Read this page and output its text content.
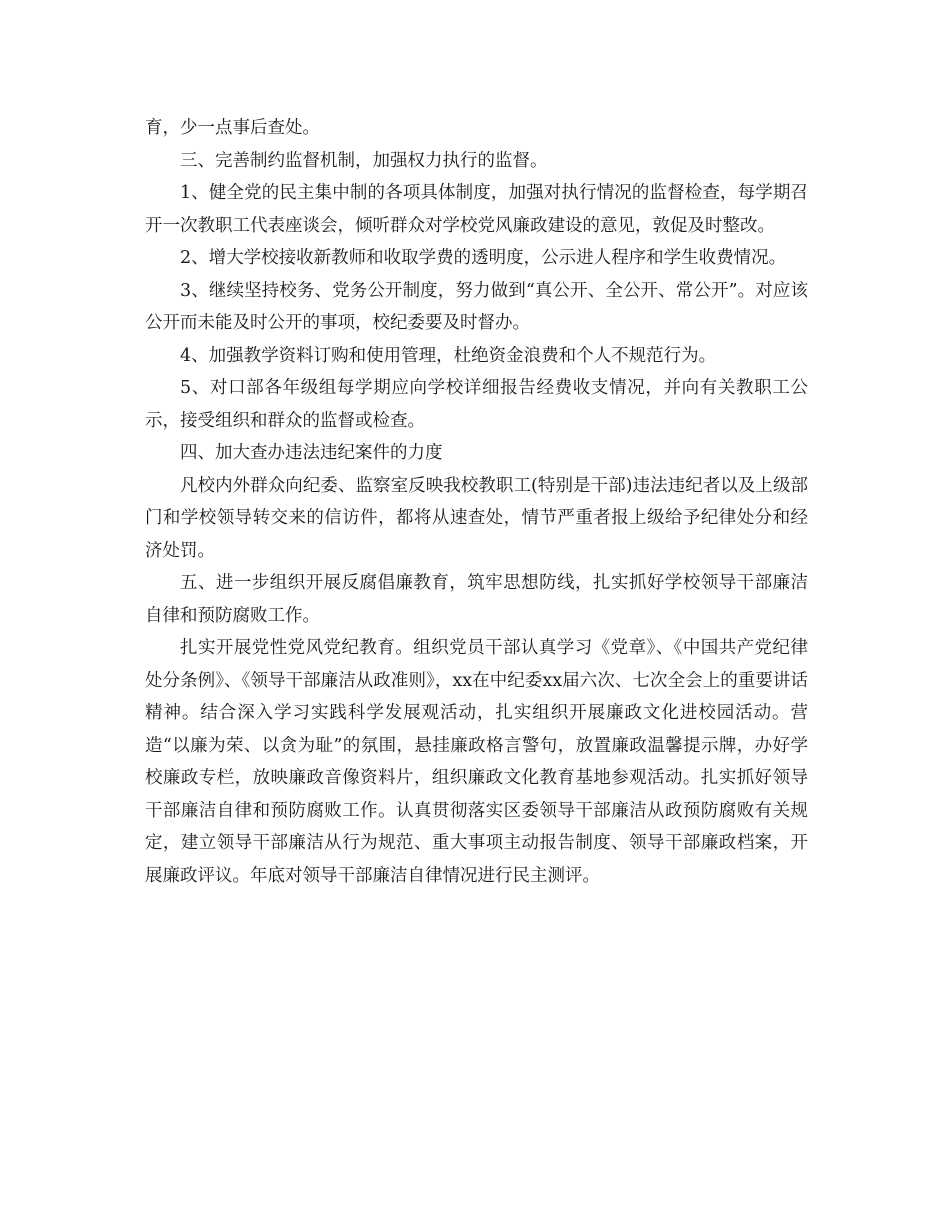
育，少一点事后查处。

三、完善制约监督机制，加强权力执行的监督。

1、健全党的民主集中制的各项具体制度，加强对执行情况的监督检查，每学期召开一次教职工代表座谈会，倾听群众对学校党风廉政建设的意见，敦促及时整改。

2、增大学校接收新教师和收取学费的透明度，公示进人程序和学生收费情况。

3、继续坚持校务、党务公开制度，努力做到“真公开、全公开、常公开”。对应该公开而未能及时公开的事项，校纪委要及时督办。

4、加强教学资料订购和使用管理，杜绝资金浪费和个人不规范行为。

5、对口部各年级组每学期应向学校详细报告经费收支情况，并向有关教职工公示，接受组织和群众的监督或检查。

四、加大查办违法违纪案件的力度

凡校内外群众向纪委、监察室反映我校教职工(特别是干部)违法违纪者以及上级部门和学校领导转交来的信访件，都将从速查处，情节严重者报上级给予纪律处分和经济处罚。

五、进一步组织开展反腐倡廉教育，筑牢思想防线，扎实抓好学校领导干部廉洁自律和预防腐败工作。

扎实开展党性党风党纪教育。组织党员干部认真学习《党章》、《中国共产党纪律处分条例》、《领导干部廉洁从政准则》，xx在中纪委xx届六次、七次全会上的重要讲话精神。结合深入学习实践科学发展观活动，扎实组织开展廉政文化进校园活动。营造“以廉为荣、以贪为耻”的氛围，悬挂廉政格言警句，放置廉政温馨提示牌，办好学校廉政专栏，放映廉政音像资料片，组织廉政文化教育基地参观活动。扎实抓好领导干部廉洁自律和预防腐败工作。认真贯彻落实区委领导干部廉洁从政预防腐败有关规定，建立领导干部廉洁从行为规范、重大事项主动报告制度、领导干部廉政档案，开展廉政评议。年底对领导干部廉洁自律情况进行民主测评。
